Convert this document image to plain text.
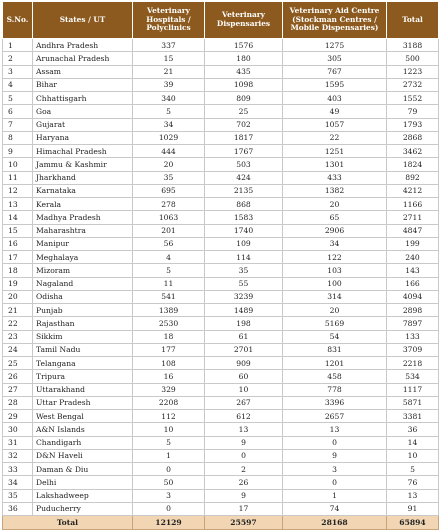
S.No.	States / UT	Veterinary Hospitals / Polyclinics	Veterinary Dispensaries	Veterinary Aid Centre (Stockman Centres / Mobile Dispensaries)	Total
1	Andhra Pradesh	337	1576	1275	3188
2	Arunachal Pradesh	15	180	305	500
3	Assam	21	435	767	1223
4	Bihar	39	1098	1595	2732
5	Chhattisgarh	340	809	403	1552
6	Goa	5	25	49	79
7	Gujarat	34	702	1057	1793
8	Haryana	1029	1817	22	2868
9	Himachal Pradesh	444	1767	1251	3462
10	Jammu & Kashmir	20	503	1301	1824
11	Jharkhand	35	424	433	892
12	Karnataka	695	2135	1382	4212
13	Kerala	278	868	20	1166
14	Madhya Pradesh	1063	1583	65	2711
15	Maharashtra	201	1740	2906	4847
16	Manipur	56	109	34	199
17	Meghalaya	4	114	122	240
18	Mizoram	5	35	103	143
19	Nagaland	11	55	100	166
20	Odisha	541	3239	314	4094
21	Punjab	1389	1489	20	2898
22	Rajasthan	2530	198	5169	7897
23	Sikkim	18	61	54	133
24	Tamil Nadu	177	2701	831	3709
25	Telangana	108	909	1201	2218
26	Tripura	16	60	458	534
27	Uttarakhand	329	10	778	1117
28	Uttar Pradesh	2208	267	3396	5871
29	West Bengal	112	612	2657	3381
30	A&N Islands	10	13	13	36
31	Chandigarh	5	9	0	14
32	D&N Haveli	1	0	9	10
33	Daman & Diu	0	2	3	5
34	Delhi	50	26	0	76
35	Lakshadweep	3	9	1	13
36	Puducherry	0	17	74	91
Total		12129	25597	28168	65894
